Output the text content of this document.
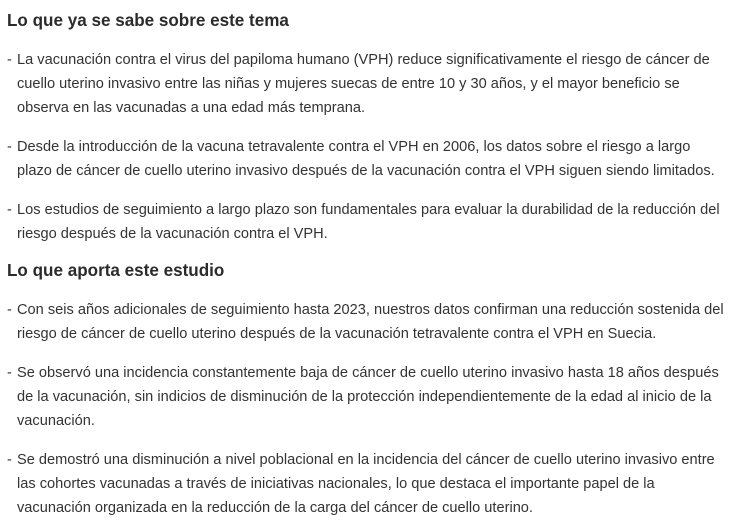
Lo que ya se sabe sobre este tema
- La vacunación contra el virus del papiloma humano (VPH) reduce significativamente el riesgo de cáncer de cuello uterino invasivo entre las niñas y mujeres suecas de entre 10 y 30 años, y el mayor beneficio se observa en las vacunadas a una edad más temprana.
- Desde la introducción de la vacuna tetravalente contra el VPH en 2006, los datos sobre el riesgo a largo plazo de cáncer de cuello uterino invasivo después de la vacunación contra el VPH siguen siendo limitados.
- Los estudios de seguimiento a largo plazo son fundamentales para evaluar la durabilidad de la reducción del riesgo después de la vacunación contra el VPH.
Lo que aporta este estudio
- Con seis años adicionales de seguimiento hasta 2023, nuestros datos confirman una reducción sostenida del riesgo de cáncer de cuello uterino después de la vacunación tetravalente contra el VPH en Suecia.
- Se observó una incidencia constantemente baja de cáncer de cuello uterino invasivo hasta 18 años después de la vacunación, sin indicios de disminución de la protección independientemente de la edad al inicio de la vacunación.
- Se demostró una disminución a nivel poblacional en la incidencia del cáncer de cuello uterino invasivo entre las cohortes vacunadas a través de iniciativas nacionales, lo que destaca el importante papel de la vacunación organizada en la reducción de la carga del cáncer de cuello uterino.
